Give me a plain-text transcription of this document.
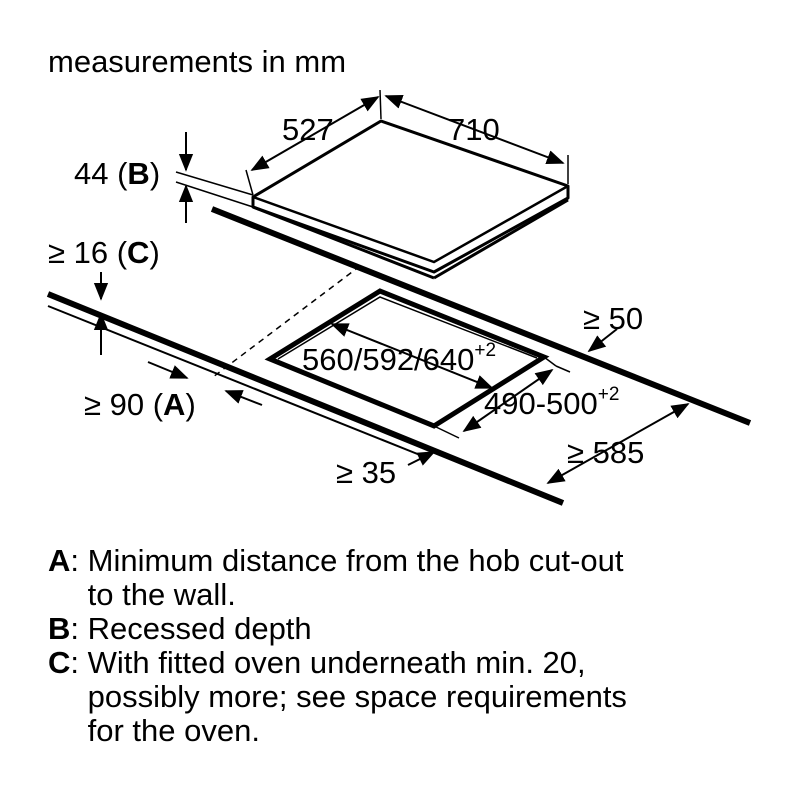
measurements in mm
527	710
44 (B)
≥ 16 (C)
≥ 50
$560/592/640^{+2}$
$490-500^{+2}$
≥ 90 (A)
≥ 35
≥ 585
A : Minimum distance from the hob cut-out
to the wall.
B : Recessed depth
C : With fitted oven underneath min. 20,
possibly more; see space requirements
for the oven.
